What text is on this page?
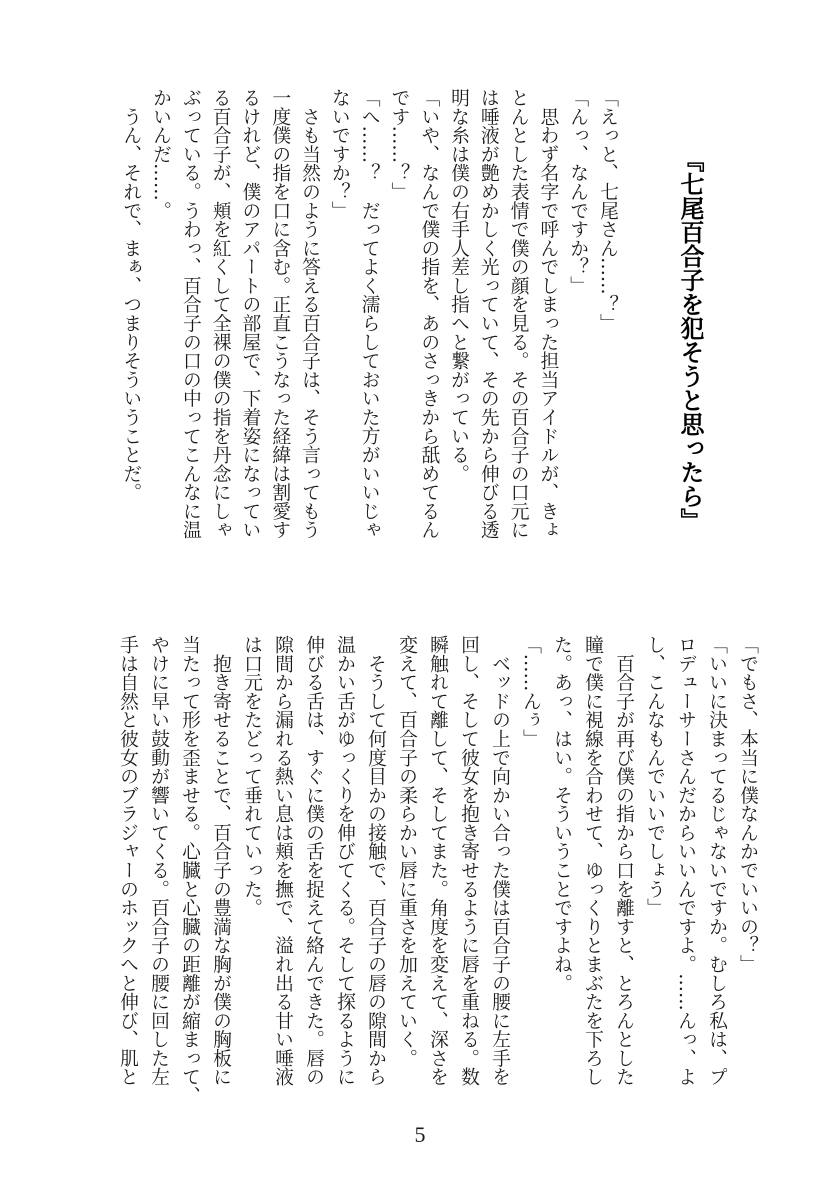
『七尾百合子を犯そうと思ったら』
「えっと、七尾さん……？」
「んっ、なんですか？」
　思わず名字で呼んでしまった担当アイドルが、きょ
とんとした表情で僕の顔を見る。その百合子の口元に
は唾液が艶めかしく光っていて、その先から伸びる透
明な糸は僕の右手人差し指へと繋がっている。
「いや、なんで僕の指を、あのさっきから舐めてるん
です……？」
「へ……？　だってよく濡らしておいた方がいいじゃ
ないですか？」
　さも当然のように答える百合子は、そう言ってもう
一度僕の指を口に含む。正直こうなった経緯は割愛す
るけれど、僕のアパートの部屋で、下着姿になってい
る百合子が、頬を紅くして全裸の僕の指を丹念にしゃ
ぶっている。うわっ、百合子の口の中ってこんなに温
かいんだ……。
　うん、それで、まぁ、つまりそういうことだ。
「でもさ、本当に僕なんかでいいの？」
「いいに決まってるじゃないですか。むしろ私は、プ
ロデューサーさんだからいいんですよ。……んっ、よ
し、こんなもんでいいでしょう」
　百合子が再び僕の指から口を離すと、とろんとした
瞳で僕に視線を合わせて、ゆっくりとまぶたを下ろし
た。あっ、はい。そういうことですよね。
「……んぅ」
　ベッドの上で向かい合った僕は百合子の腰に左手を
回し、そして彼女を抱き寄せるように唇を重ねる。数
瞬触れて離して、そしてまた。角度を変えて、深さを
変えて、百合子の柔らかい唇に重さを加えていく。
　そうして何度目かの接触で、百合子の唇の隙間から
温かい舌がゆっくりを伸びてくる。そして探るように
伸びる舌は、すぐに僕の舌を捉えて絡んできた。唇の
隙間から漏れる熱い息は頬を撫で、溢れ出る甘い唾液
は口元をたどって垂れていった。
　抱き寄せることで、百合子の豊満な胸が僕の胸板に
当たって形を歪ませる。心臓と心臓の距離が縮まって、
やけに早い鼓動が響いてくる。百合子の腰に回した左
手は自然と彼女のブラジャーのホックへと伸び、肌と
5
